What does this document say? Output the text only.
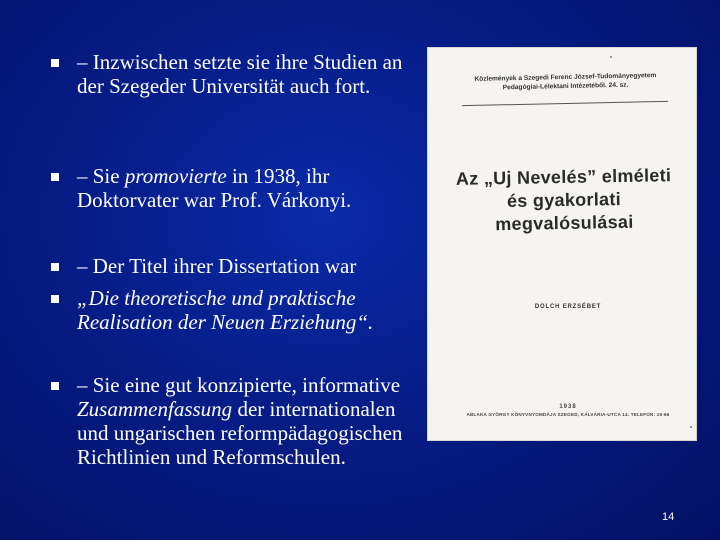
– Inzwischen setzte sie ihre Studien an der Szegeder Universität auch fort.
– Sie promovierte in 1938, ihr Doktorvater war Prof. Várkonyi.
– Der Titel ihrer Dissertation war
„Die theoretische und praktische Realisation der Neuen Erziehung“.
– Sie eine gut konzipierte, informative Zusammenfassung der internationalen und ungarischen reformpädagogischen Richtlinien und Reformschulen.
Közlemények a Szegedi Ferenc József-Tudományegyetem Pedagógiai-Lélektani Intézetéből. 24. sz.
Az „Uj Nevelés” elméleti és gyakorlati megvalósulásai
DOLCH ERZSÉBET
1938
ABLAKA GYÖRGY KÖNYVNYOMDÁJA SZEGED, KÁLVÁRIA-UTCA 14. TELEFON: 15-66
14
